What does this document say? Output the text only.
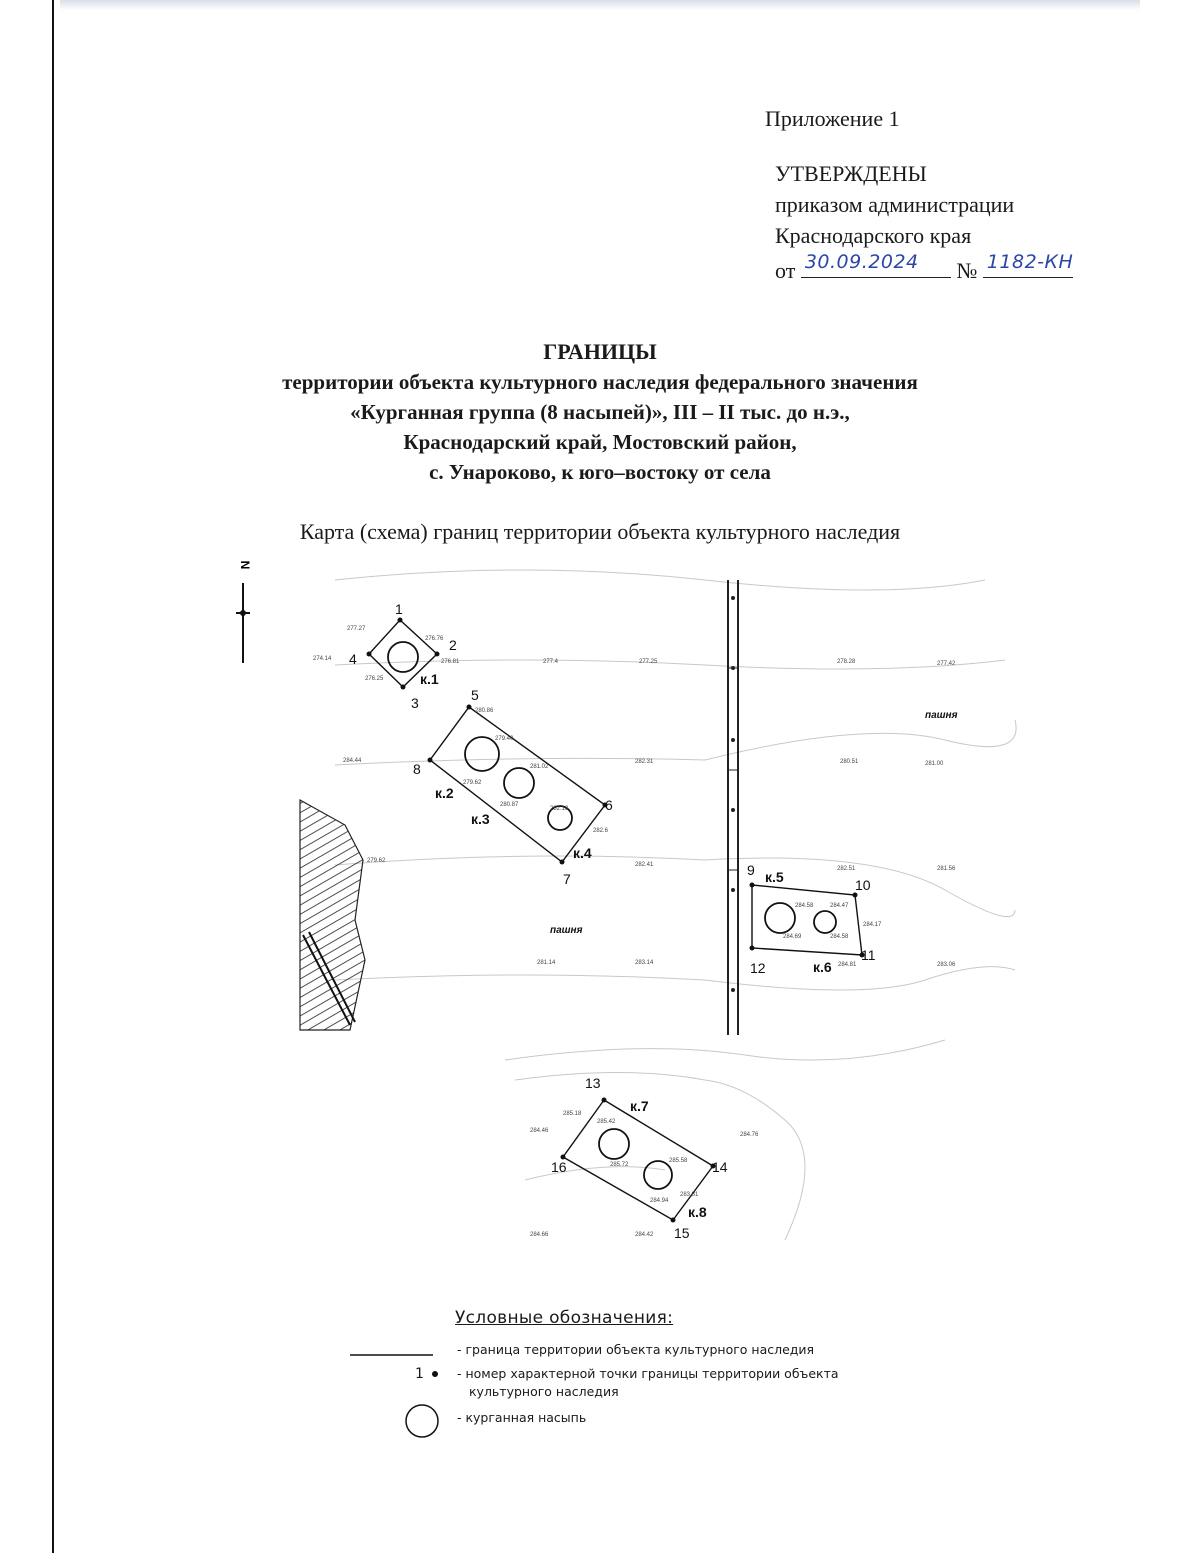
Приложение 1
УТВЕРЖДЕНЫ
приказом администрации
Краснодарского края
от 30.09.2024 № 1182-КН
ГРАНИЦЫ
территории объекта культурного наследия федерального значения
«Курганная группа (8 насыпей)», III – II тыс. до н.э.,
Краснодарский край, Мостовский район,
с. Унароково, к юго–востоку от села
Карта (схема) границ территории объекта культурного наследия
N
1
2
3
4
5
6
7
8
9
10
11
12
13
14
15
16
к.1
к.2
к.3
к.4
к.5
к.6
к.7
к.8
пашня
пашня
277.27
276.76
274.14	276.81
276.25
277.4	277.25	278.28	277.42
280.86
279.40
284.44
281.02
282.31	280.51
279.62
280.87
282.18
282.6
281.00
282.41
282.51	281.56
284.58	284.47
284.69	284.58
284.17
284.81
279.62
281.14	283.14	283.06
285.18
285.42
284.76
284.46
285.72
285.58
284.94
283.81
284.66	284.42
Условные обозначения:
- граница территории объекта культурного наследия
1	- номер характерной точки границы территории объекта
культурного наследия
- курганная насыпь
